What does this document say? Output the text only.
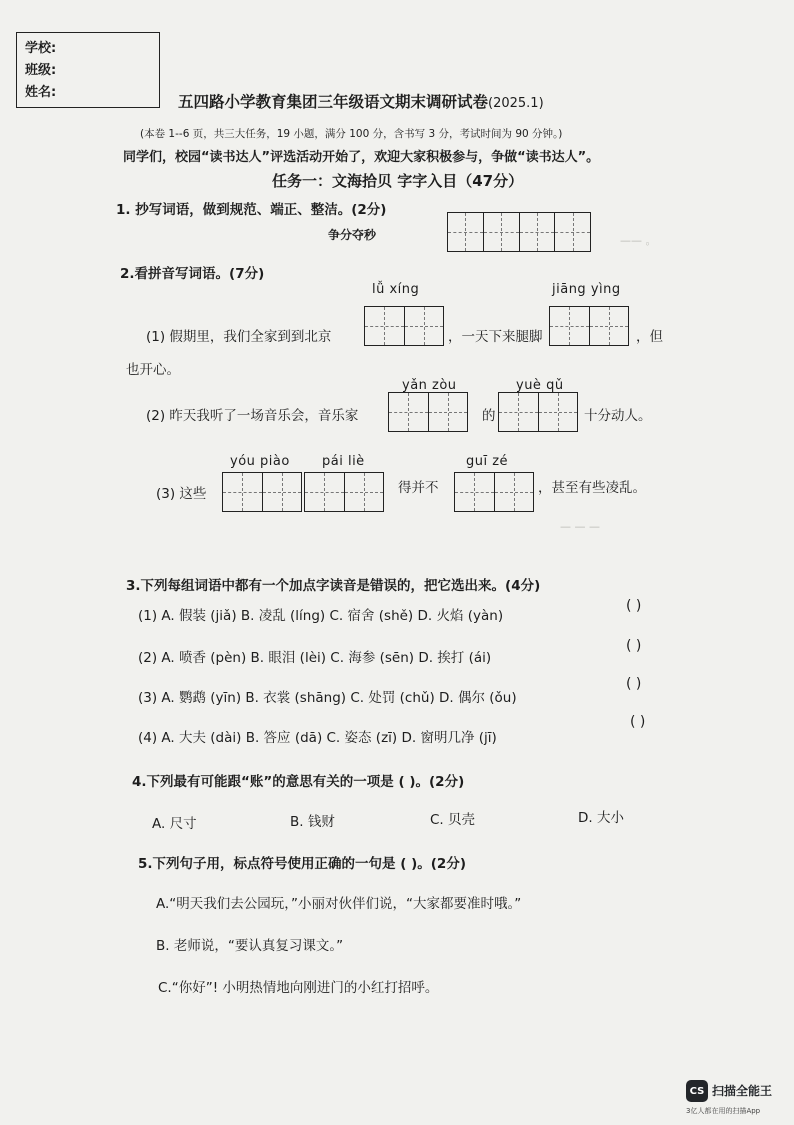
学校:
班级:
姓名:
五四路小学教育集团三年级语文期末调研试卷(2025.1)
(本卷 1--6 页，共三大任务，19 小题，满分 100 分，含书写 3 分，考试时间为 90 分钟。)
同学们，校园“读书达人”评选活动开始了，欢迎大家积极参与，争做“读书达人”。
—— 。
— — —
任务一：文海拾贝 字字入目（47分）
1. 抄写词语，做到规范、端正、整洁。(2分)
争分夺秒
2.看拼音写词语。(7分)
lǚ xíng	jiāng yìng
(1) 假期里，我们全家到到北京	，一天下来腿脚	，但
也开心。
yǎn zòu	yuè qǔ
(2) 昨天我听了一场音乐会，音乐家	的	十分动人。
yóu piào pái liè	guī zé
(3) 这些	得并不	，甚至有些凌乱。
3.下列每组词语中都有一个加点字读音是错误的，把它选出来。(4分)
(1) A. 假装 (jiǎ) B. 凌乱 (líng) C. 宿舍 (shě) D. 火焰 (yàn)
( )
(2) A. 喷香 (pèn) B. 眼泪 (lèi) C. 海参 (sēn) D. 挨打 (ái)
( )
(3) A. 鹦鹉 (yīn) B. 衣裳 (shāng) C. 处罚 (chǔ) D. 偶尔 (ǒu)
( )
(4) A. 大夫 (dài) B. 答应 (dā) C. 姿态 (zī) D. 窗明几净 (jī)
( )
4.下列最有可能跟“账”的意思有关的一项是 ( )。(2分)
A. 尺寸	B. 钱财	C. 贝壳	D. 大小
5.下列句子用，标点符号使用正确的一句是 ( )。(2分)
A.“明天我们去公园玩，”小丽对伙伴们说，“大家都要准时哦。”
B. 老师说，“要认真复习课文。”
C.“你好”! 小明热情地向刚进门的小红打招呼。
CS 扫描全能王
3亿人都在用的扫描App
